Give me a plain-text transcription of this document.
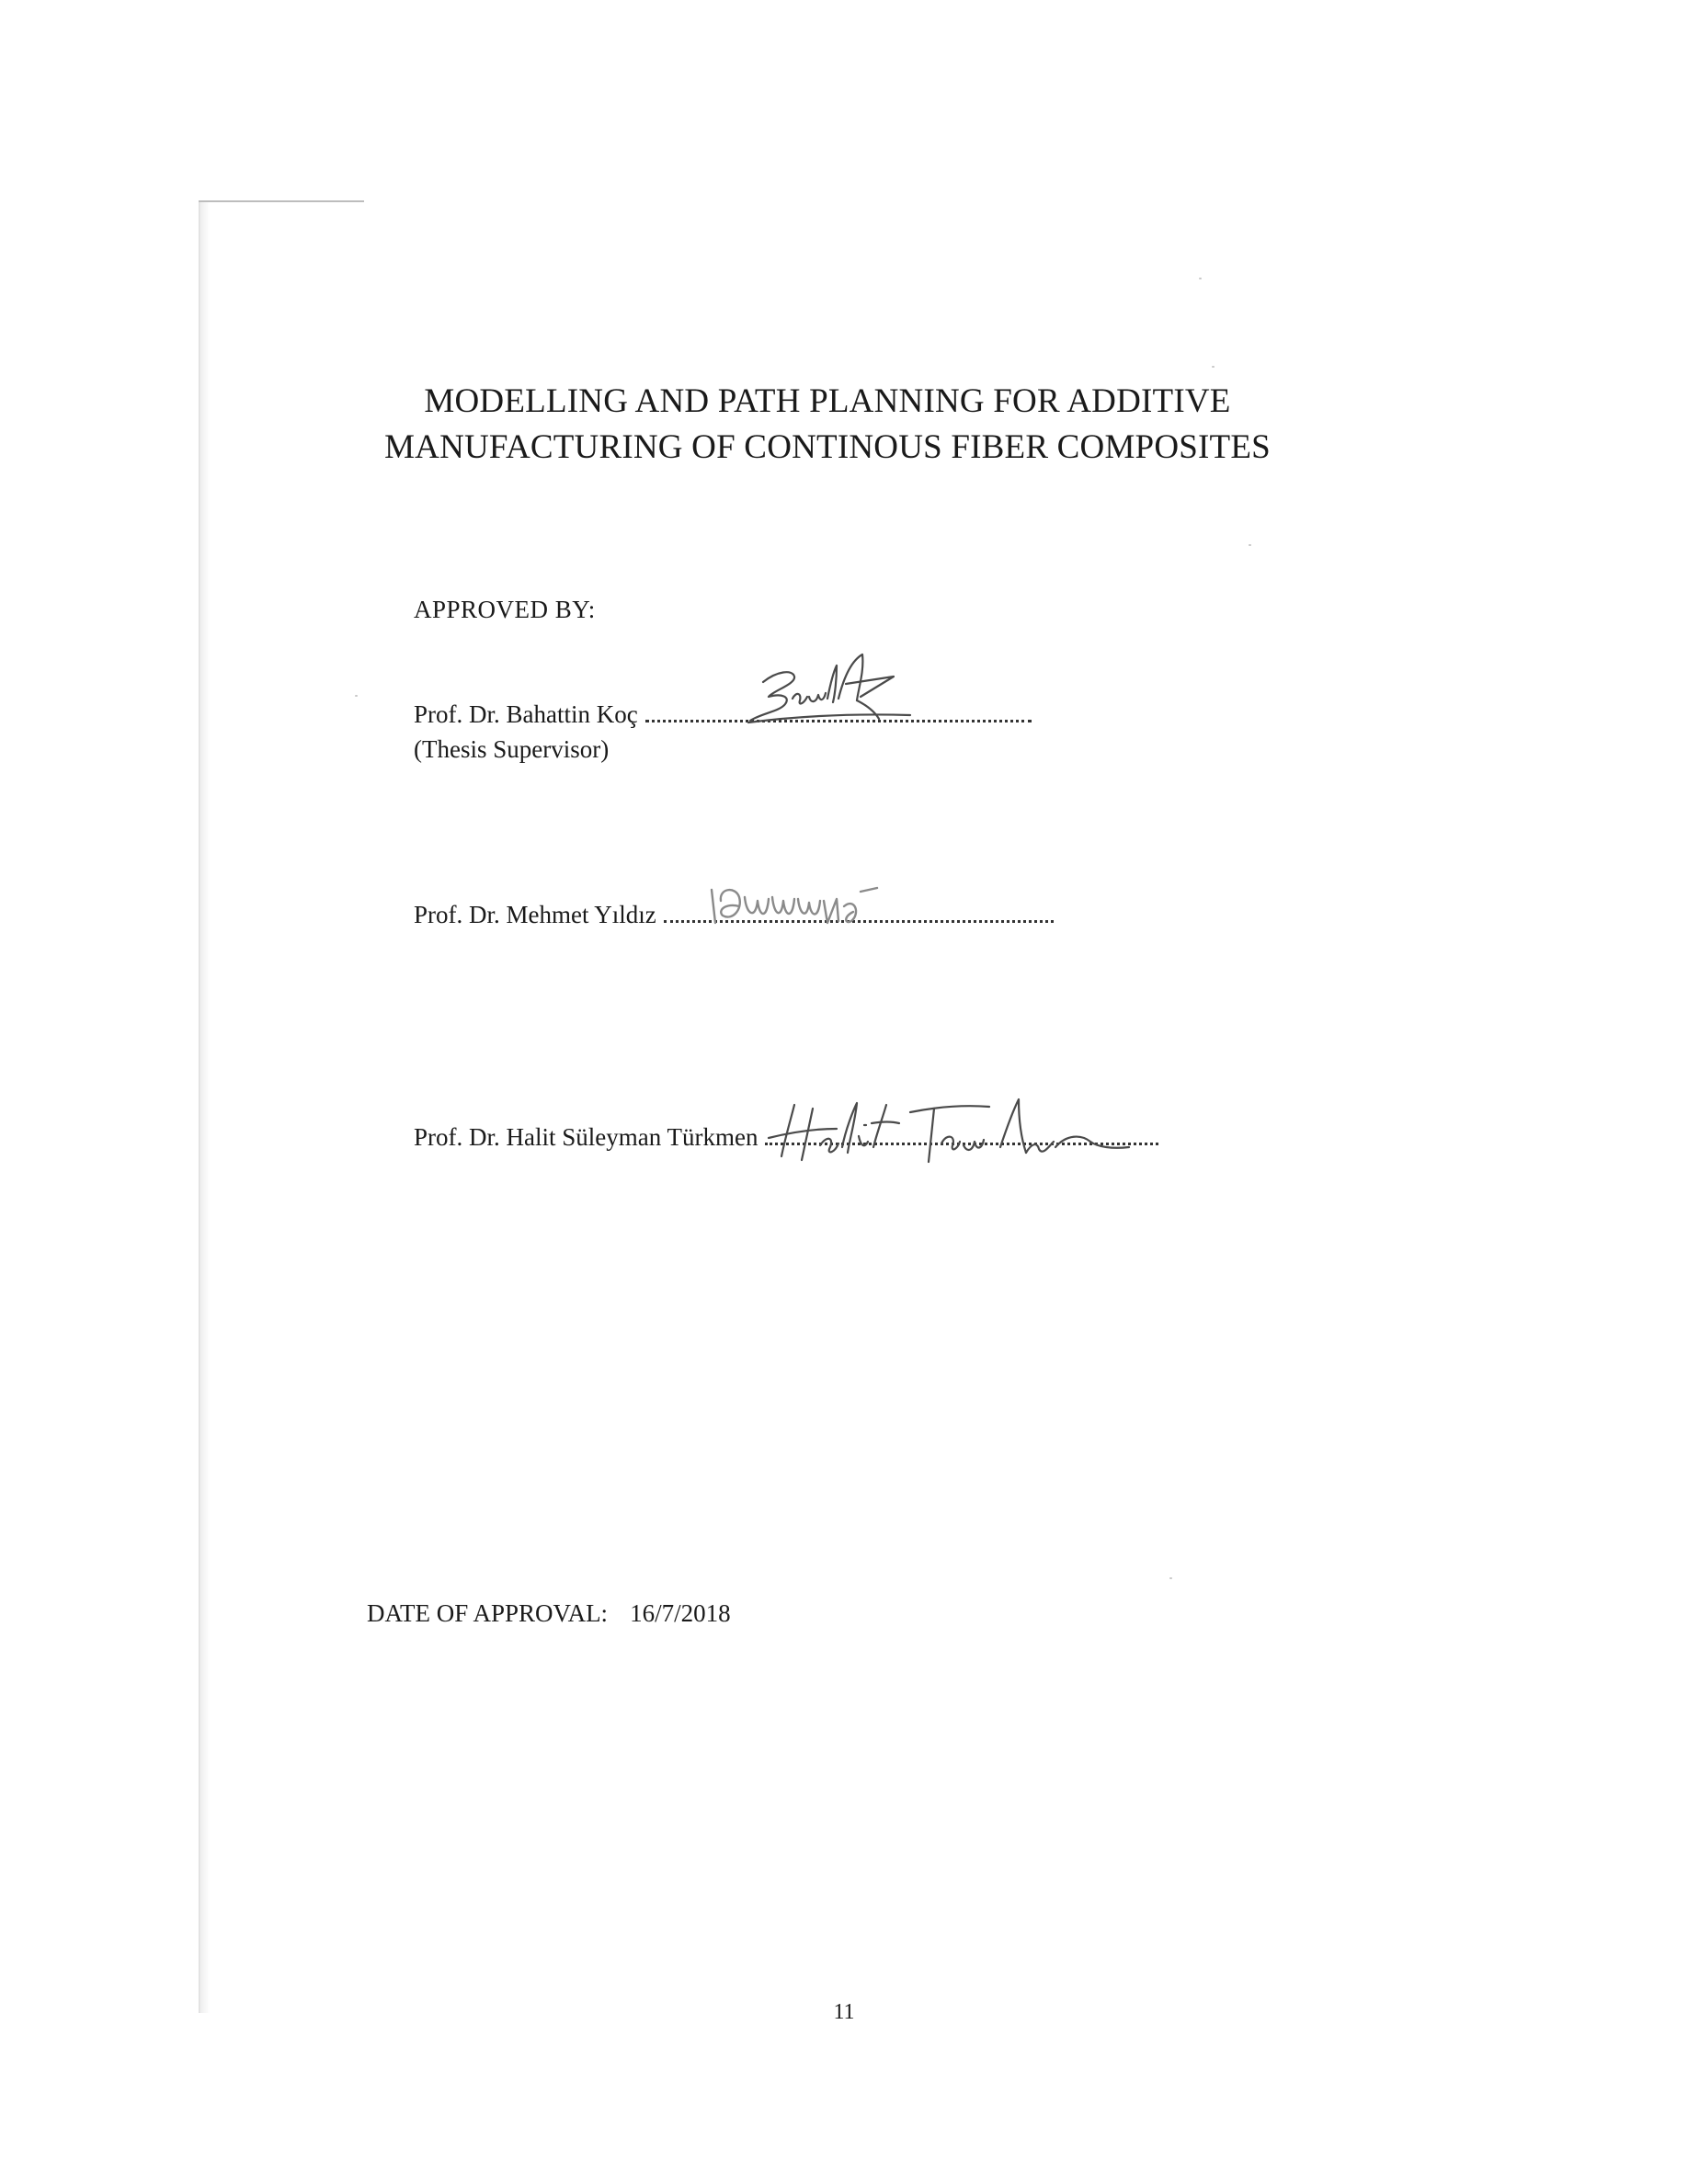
MODELLING AND PATH PLANNING FOR ADDITIVE
MANUFACTURING OF CONTINOUS FIBER COMPOSITES
APPROVED BY:
Prof. Dr. Bahattin Koç
(Thesis Supervisor)
Prof. Dr. Mehmet Yıldız
Prof. Dr. Halit Süleyman Türkmen
DATE OF APPROVAL: 16/7/2018
11
